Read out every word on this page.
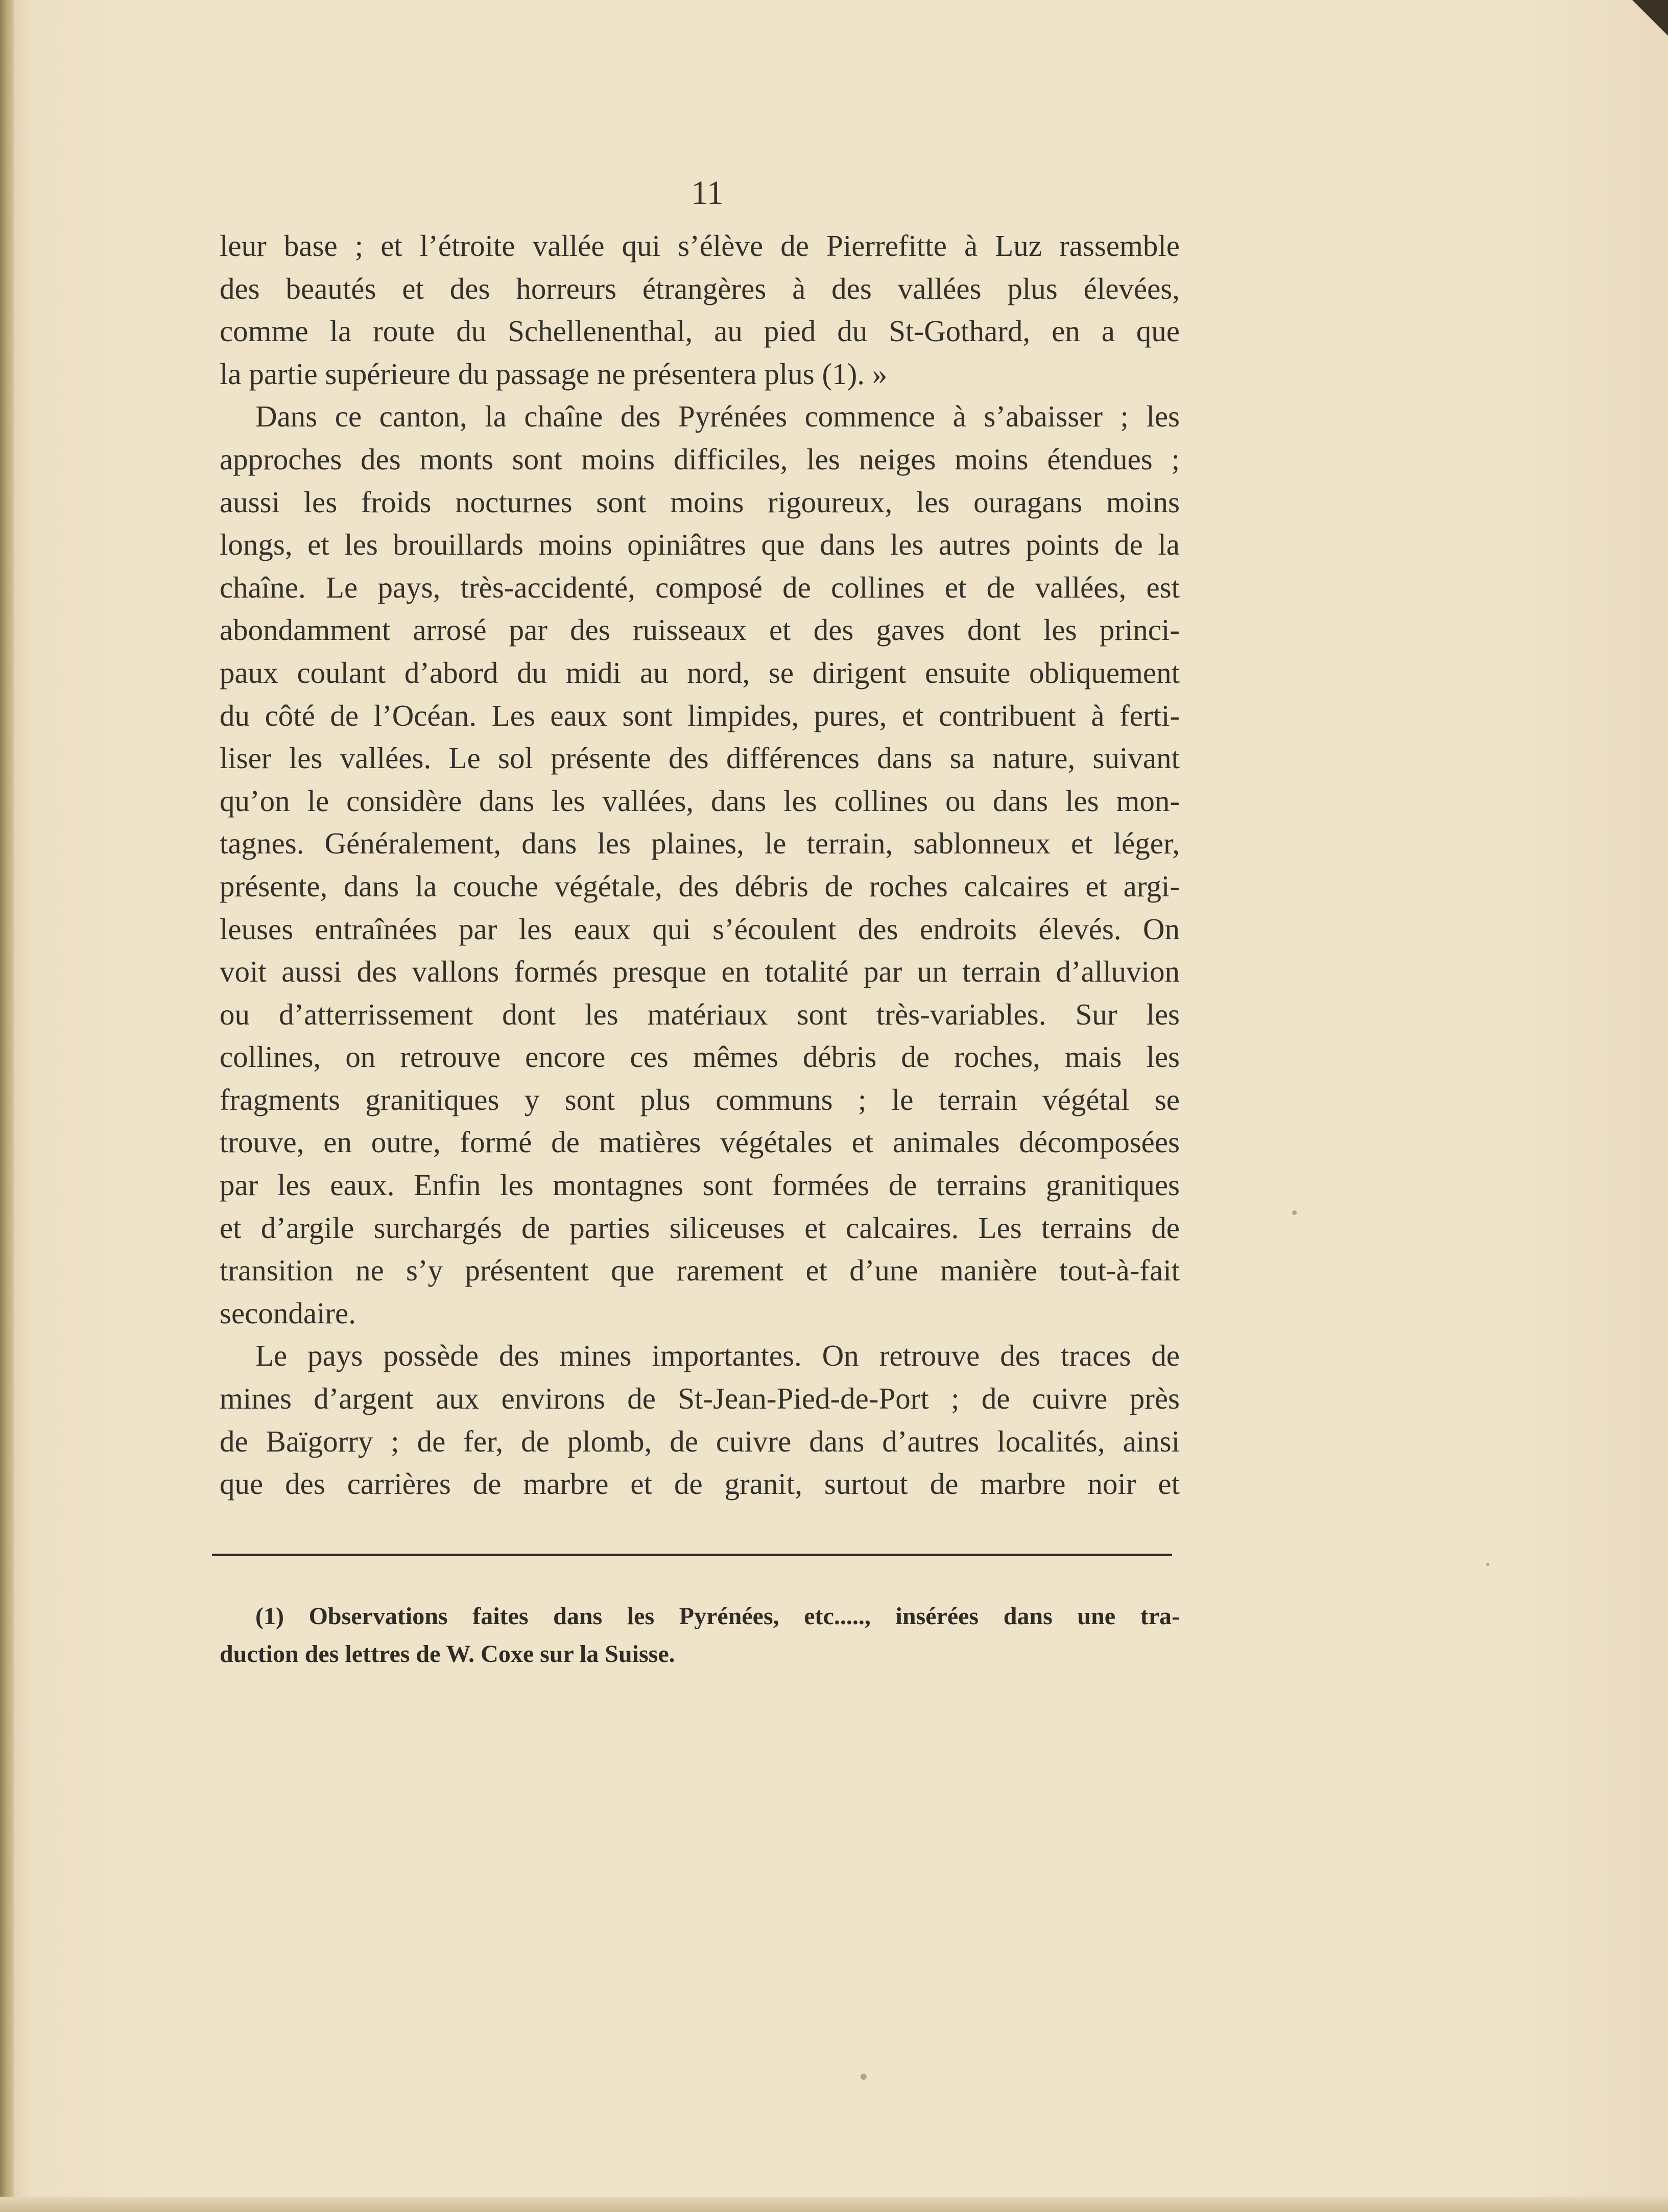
11
leur base ; et l’étroite vallée qui s’élève de Pierrefitte à Luz rassemble
des beautés et des horreurs étrangères à des vallées plus élevées,
comme la route du Schellenenthal, au pied du St-Gothard, en a que
la partie supérieure du passage ne présentera plus (1). »
Dans ce canton, la chaîne des Pyrénées commence à s’abaisser ; les
approches des monts sont moins difficiles, les neiges moins étendues ;
aussi les froids nocturnes sont moins rigoureux, les ouragans moins
longs, et les brouillards moins opiniâtres que dans les autres points de la
chaîne. Le pays, très-accidenté, composé de collines et de vallées, est
abondamment arrosé par des ruisseaux et des gaves dont les princi-
paux coulant d’abord du midi au nord, se dirigent ensuite obliquement
du côté de l’Océan. Les eaux sont limpides, pures, et contribuent à ferti-
liser les vallées. Le sol présente des différences dans sa nature, suivant
qu’on le considère dans les vallées, dans les collines ou dans les mon-
tagnes. Généralement, dans les plaines, le terrain, sablonneux et léger,
présente, dans la couche végétale, des débris de roches calcaires et argi-
leuses entraînées par les eaux qui s’écoulent des endroits élevés. On
voit aussi des vallons formés presque en totalité par un terrain d’alluvion
ou d’atterrissement dont les matériaux sont très-variables. Sur les
collines, on retrouve encore ces mêmes débris de roches, mais les
fragments granitiques y sont plus communs ; le terrain végétal se
trouve, en outre, formé de matières végétales et animales décomposées
par les eaux. Enfin les montagnes sont formées de terrains granitiques
et d’argile surchargés de parties siliceuses et calcaires. Les terrains de
transition ne s’y présentent que rarement et d’une manière tout-à-fait
secondaire.
Le pays possède des mines importantes. On retrouve des traces de
mines d’argent aux environs de St-Jean-Pied-de-Port ; de cuivre près
de Baïgorry ; de fer, de plomb, de cuivre dans d’autres localités, ainsi
que des carrières de marbre et de granit, surtout de marbre noir et
(1) Observations faites dans les Pyrénées, etc....., insérées dans une tra-
duction des lettres de W. Coxe sur la Suisse.
